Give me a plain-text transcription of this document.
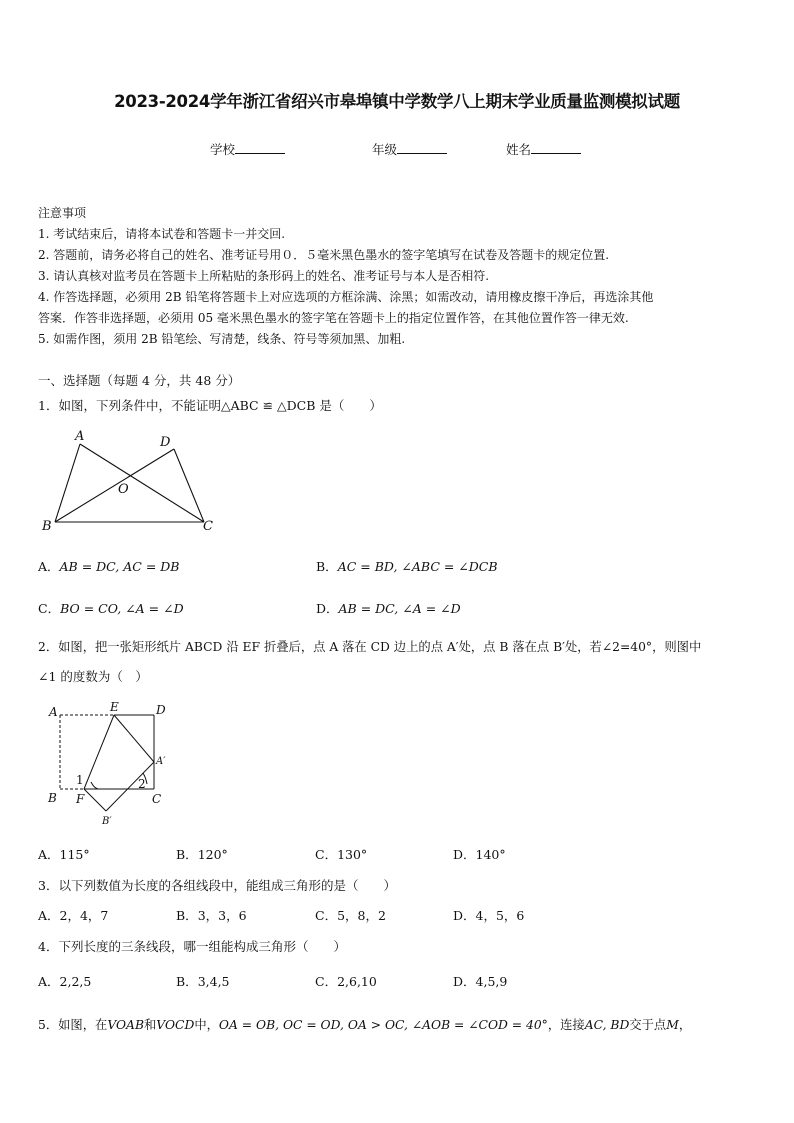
2023-2024学年浙江省绍兴市皋埠镇中学数学八上期末学业质量监测模拟试题
学校	年级	姓名
注意事项
1. 考试结束后，请将本试卷和答题卡一并交回.
2. 答题前，请务必将自己的姓名、准考证号用０．５毫米黑色墨水的签字笔填写在试卷及答题卡的规定位置.
3. 请认真核对监考员在答题卡上所粘贴的条形码上的姓名、准考证号与本人是否相符.
4. 作答选择题，必须用 2B 铅笔将答题卡上对应选项的方框涂满、涂黑；如需改动，请用橡皮擦干净后，再选涂其他
答案．作答非选择题，必须用 05 毫米黑色墨水的签字笔在答题卡上的指定位置作答，在其他位置作答一律无效.
5. 如需作图，须用 2B 铅笔绘、写清楚，线条、符号等须加黑、加粗.
一、选择题（每题 4 分，共 48 分）
1．如图，下列条件中，不能证明△ABC ≌ △DCB 是（　　）
A	D
O
B	C
A．AB = DC, AC = DB	B．AC = BD, ∠ABC = ∠DCB
C．BO = CO, ∠A = ∠D	D．AB = DC, ∠A = ∠D
2．如图，把一张矩形纸片 ABCD 沿 EF 折叠后，点 A 落在 CD 边上的点 A′处，点 B 落在点 B′处，若∠2=40°，则图中
∠1 的度数为（　）
A	E	D
A′
1	2
B F	C
B′
A．115°	B．120°	C．130°	D．140°
3．以下列数值为长度的各组线段中，能组成三角形的是（　　）
A．2，4，7	B．3，3，6	C．5，8，2	D．4，5，6
4．下列长度的三条线段，哪一组能构成三角形（　　）
A．2,2,5	B．3,4,5	C．2,6,10	D．4,5,9
5．如图，在VOAB和VOCD中，OA = OB, OC = OD, OA > OC, ∠AOB = ∠COD = 40°，连接AC, BD交于点M，
